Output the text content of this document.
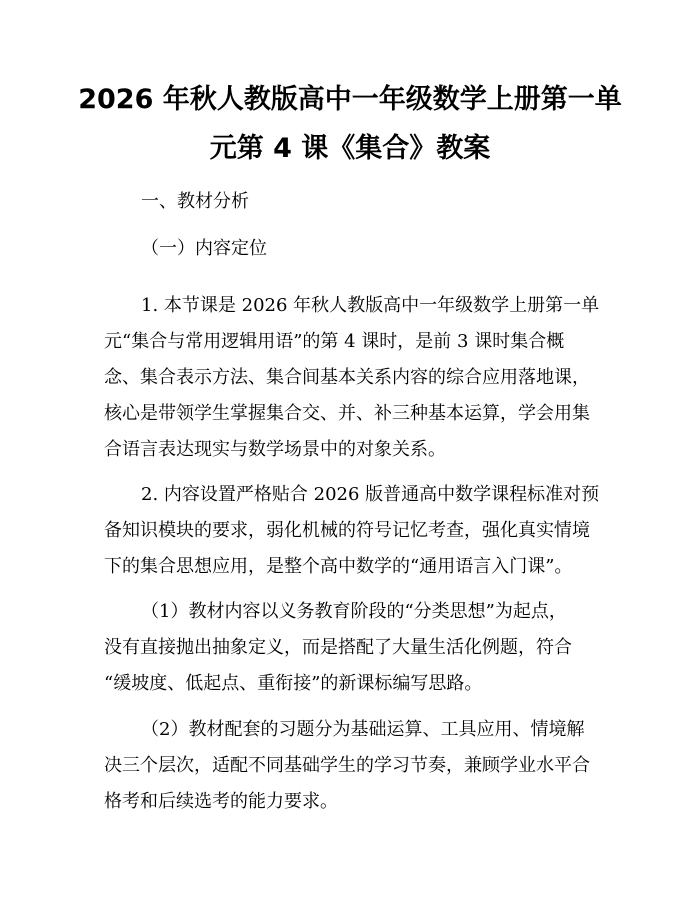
2026 年秋人教版高中一年级数学上册第一单
元第 4 课《集合》教案
一、教材分析
（一）内容定位
1. 本节课是 2026 年秋人教版高中一年级数学上册第一单
元“集合与常用逻辑用语”的第 4 课时，是前 3 课时集合概
念、集合表示方法、集合间基本关系内容的综合应用落地课，
核心是带领学生掌握集合交、并、补三种基本运算，学会用集
合语言表达现实与数学场景中的对象关系。
2. 内容设置严格贴合 2026 版普通高中数学课程标准对预
备知识模块的要求，弱化机械的符号记忆考查，强化真实情境
下的集合思想应用，是整个高中数学的“通用语言入门课”。
（1）教材内容以义务教育阶段的“分类思想”为起点，
没有直接抛出抽象定义，而是搭配了大量生活化例题，符合
“缓坡度、低起点、重衔接”的新课标编写思路。
（2）教材配套的习题分为基础运算、工具应用、情境解
决三个层次，适配不同基础学生的学习节奏，兼顾学业水平合
格考和后续选考的能力要求。
